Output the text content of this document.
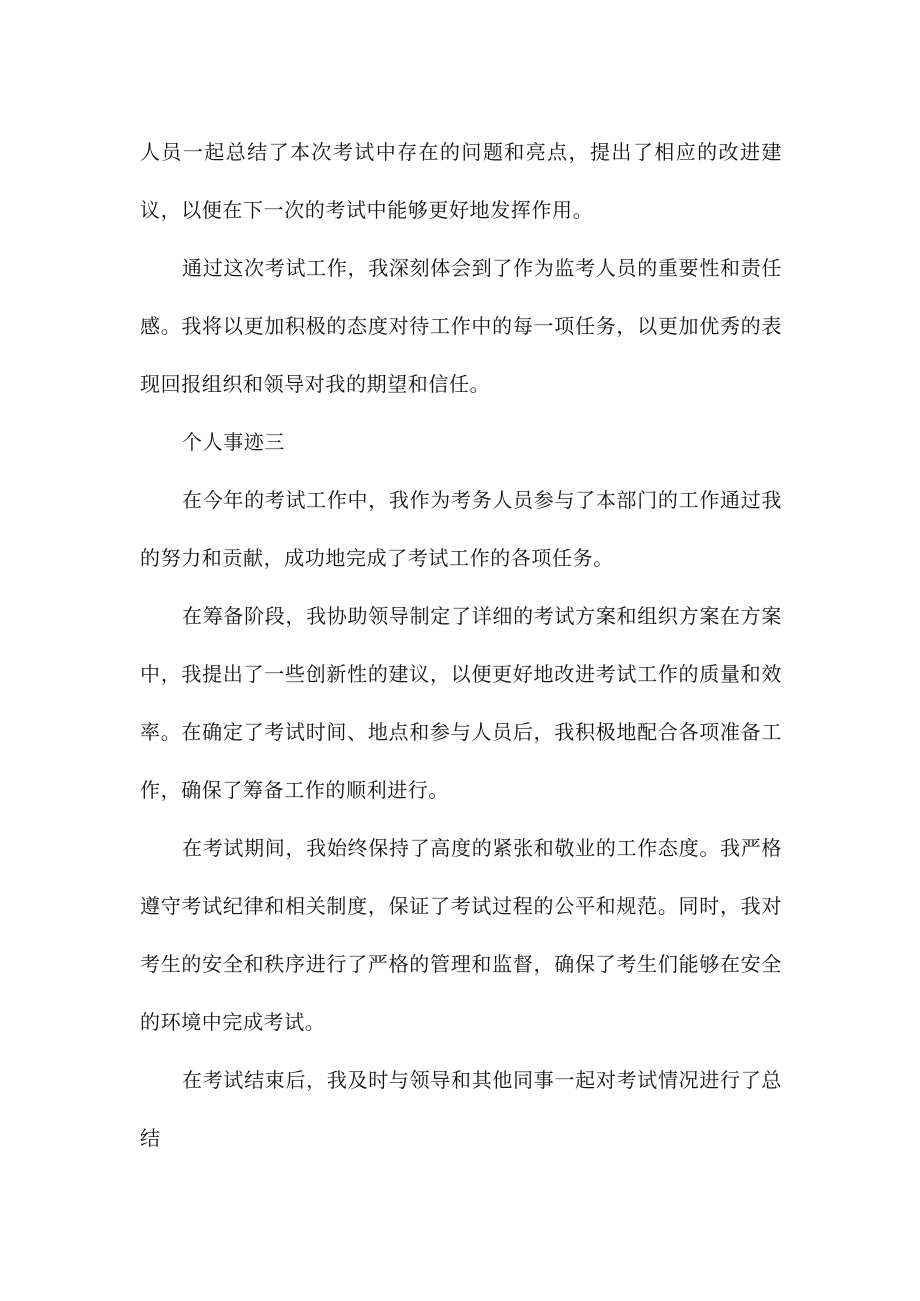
人员一起总结了本次考试中存在的问题和亮点，提出了相应的改进建议，以便在下一次的考试中能够更好地发挥作用。

通过这次考试工作，我深刻体会到了作为监考人员的重要性和责任感。我将以更加积极的态度对待工作中的每一项任务，以更加优秀的表现回报组织和领导对我的期望和信任。

个人事迹三

在今年的考试工作中，我作为考务人员参与了本部门的工作通过我的努力和贡献，成功地完成了考试工作的各项任务。

在筹备阶段，我协助领导制定了详细的考试方案和组织方案在方案中，我提出了一些创新性的建议，以便更好地改进考试工作的质量和效率。在确定了考试时间、地点和参与人员后，我积极地配合各项准备工作，确保了筹备工作的顺利进行。

在考试期间，我始终保持了高度的紧张和敬业的工作态度。我严格遵守考试纪律和相关制度，保证了考试过程的公平和规范。同时，我对考生的安全和秩序进行了严格的管理和监督，确保了考生们能够在安全的环境中完成考试。

在考试结束后，我及时与领导和其他同事一起对考试情况进行了总结
